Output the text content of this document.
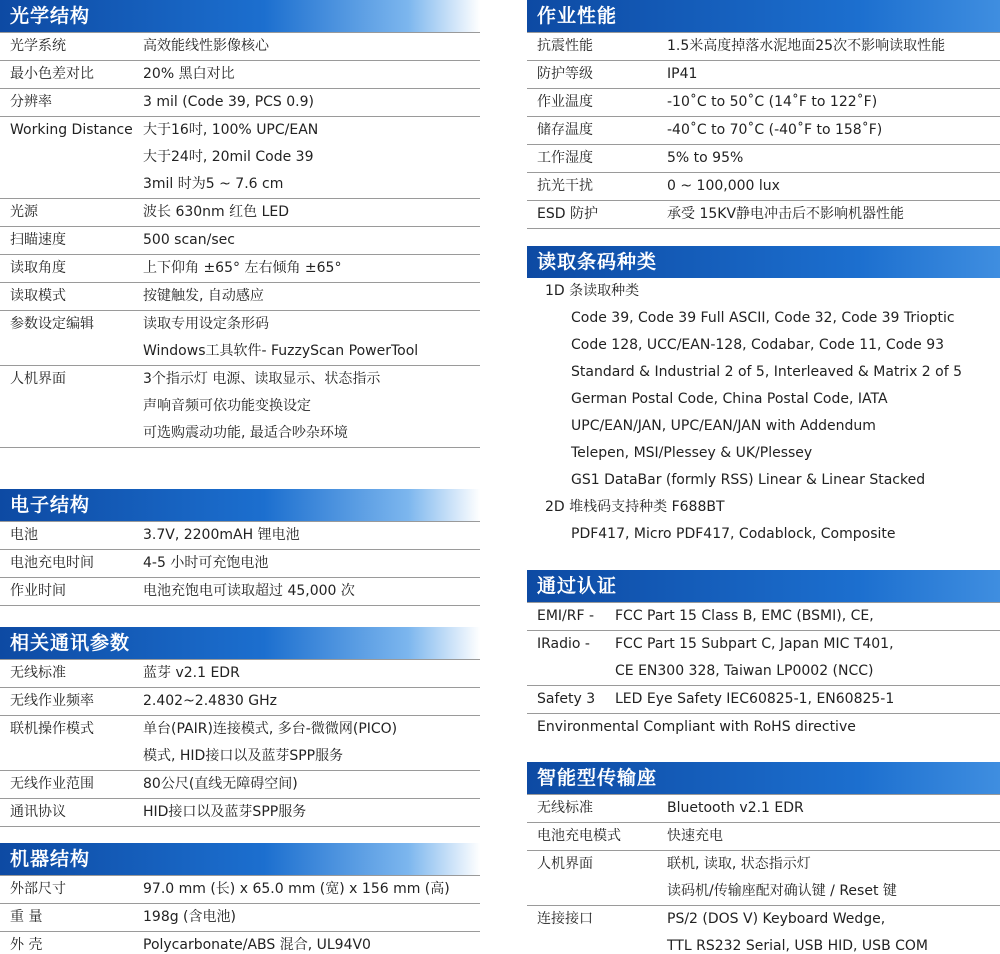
光学结构
光学系统	高效能线性影像核心
最小色差对比	20% 黑白对比
分辨率	3 mil (Code 39, PCS 0.9)
Working Distance 大于16吋, 100% UPC/EAN
大于24吋, 20mil Code 39
3mil 时为5 ~ 7.6 cm
光源	波长 630nm 红色 LED
扫瞄速度	500 scan/sec
读取角度	上下仰角 ±65° 左右倾角 ±65°
读取模式	按键触发, 自动感应
参数设定编辑	读取专用设定条形码
Windows工具软件- FuzzyScan PowerTool
人机界面	3个指示灯 电源、读取显示、状态指示
声响音频可依功能变换设定
可选购震动功能, 最适合吵杂环境
电子结构
电池	3.7V, 2200mAH 锂电池
电池充电时间	4-5 小时可充饱电池
作业时间	电池充饱电可读取超过 45,000 次
相关通讯参数
无线标准	蓝芽 v2.1 EDR
无线作业频率	2.402~2.4830 GHz
联机操作模式	单台(PAIR)连接模式, 多台-微微网(PICO)
模式, HID接口以及蓝芽SPP服务
无线作业范围	80公尺(直线无障碍空间)
通讯协议	HID接口以及蓝芽SPP服务
机器结构
外部尺寸	97.0 mm (长) x 65.0 mm (宽) x 156 mm (高)
重 量	198g (含电池)
外 壳	Polycarbonate/ABS 混合, UL94V0
作业性能
抗震性能	1.5米高度掉落水泥地面25次不影响读取性能
防护等级	IP41
作业温度	-10˚C to 50˚C (14˚F to 122˚F)
储存温度	-40˚C to 70˚C (-40˚F to 158˚F)
工作湿度	5% to 95%
抗光干扰	0 ~ 100,000 lux
ESD 防护	承受 15KV静电冲击后不影响机器性能
读取条码种类
1D 条读取种类
Code 39, Code 39 Full ASCII, Code 32, Code 39 Trioptic
Code 128, UCC/EAN-128, Codabar, Code 11, Code 93
Standard & Industrial 2 of 5, Interleaved & Matrix 2 of 5
German Postal Code, China Postal Code, IATA
UPC/EAN/JAN, UPC/EAN/JAN with Addendum
Telepen, MSI/Plessey & UK/Plessey
GS1 DataBar (formly RSS) Linear & Linear Stacked
2D 堆栈码支持种类 F688BT
PDF417, Micro PDF417, Codablock, Composite
通过认证
EMI/RF -	FCC Part 15 Class B, EMC (BSMI), CE,
IRadio -	FCC Part 15 Subpart C, Japan MIC T401,
CE EN300 328, Taiwan LP0002 (NCC)
Safety 3	LED Eye Safety IEC60825-1, EN60825-1
Environmental Compliant with RoHS directive
智能型传输座
无线标准	Bluetooth v2.1 EDR
电池充电模式	快速充电
人机界面	联机, 读取, 状态指示灯
读码机/传输座配对确认键 / Reset 键
连接接口	PS/2 (DOS V) Keyboard Wedge,
TTL RS232 Serial, USB HID, USB COM
